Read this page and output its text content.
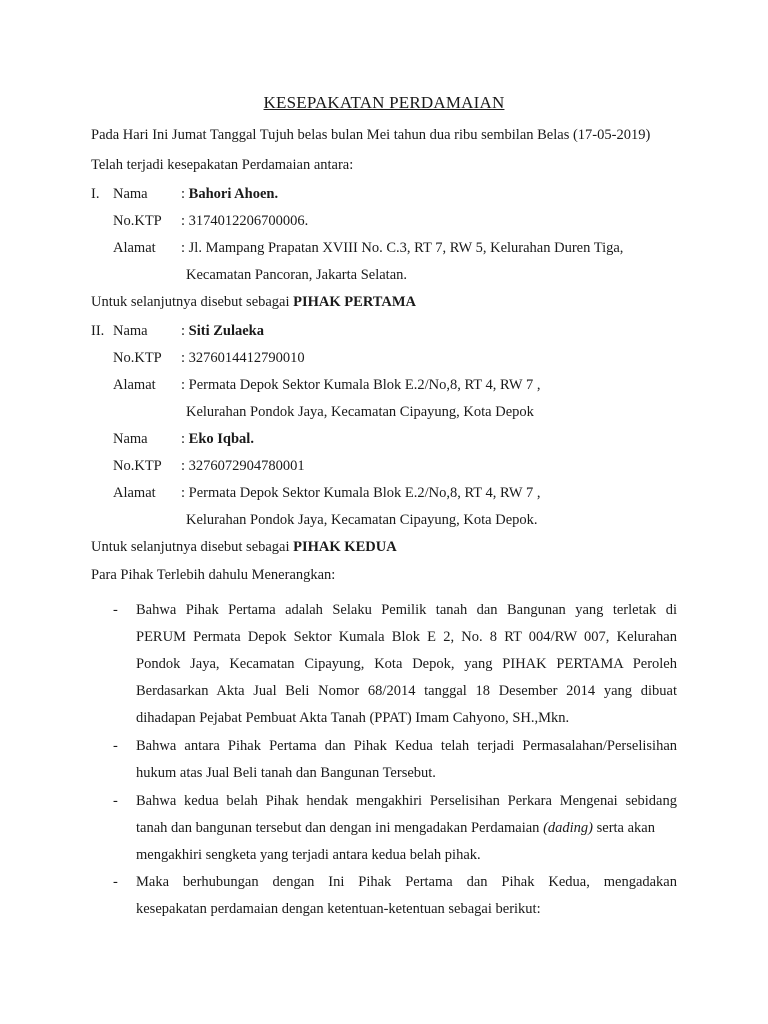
KESEPAKATAN PERDAMAIAN
Pada Hari Ini Jumat Tanggal Tujuh belas bulan Mei tahun dua ribu sembilan Belas (17-05-2019)
Telah terjadi kesepakatan Perdamaian antara:
I. Nama : Bahori Ahoen.
No.KTP : 3174012206700006.
Alamat : Jl. Mampang Prapatan XVIII No. C.3, RT 7, RW 5, Kelurahan Duren Tiga,
Kecamatan Pancoran, Jakarta Selatan.
Untuk selanjutnya disebut sebagai PIHAK PERTAMA
II. Nama : Siti Zulaeka
No.KTP : 3276014412790010
Alamat : Permata Depok Sektor Kumala Blok E.2/No,8, RT 4, RW 7 ,
Kelurahan Pondok Jaya, Kecamatan Cipayung, Kota Depok
Nama : Eko Iqbal.
No.KTP : 3276072904780001
Alamat : Permata Depok Sektor Kumala Blok E.2/No,8, RT 4, RW 7 ,
Kelurahan Pondok Jaya, Kecamatan Cipayung, Kota Depok.
Untuk selanjutnya disebut sebagai PIHAK KEDUA
Para Pihak Terlebih dahulu Menerangkan:
- Bahwa Pihak Pertama adalah Selaku Pemilik tanah dan Bangunan yang terletak di
PERUM Permata Depok Sektor Kumala Blok E 2, No. 8 RT 004/RW 007, Kelurahan
Pondok Jaya, Kecamatan Cipayung, Kota Depok, yang PIHAK PERTAMA Peroleh
Berdasarkan Akta Jual Beli Nomor 68/2014 tanggal 18 Desember 2014 yang dibuat
dihadapan Pejabat Pembuat Akta Tanah (PPAT) Imam Cahyono, SH.,Mkn.
- Bahwa antara Pihak Pertama dan Pihak Kedua telah terjadi Permasalahan/Perselisihan
hukum atas Jual Beli tanah dan Bangunan Tersebut.
- Bahwa kedua belah Pihak hendak mengakhiri Perselisihan Perkara Mengenai sebidang
tanah dan bangunan tersebut dan dengan ini mengadakan Perdamaian (dading) serta akan
mengakhiri sengketa yang terjadi antara kedua belah pihak.
- Maka berhubungan dengan Ini Pihak Pertama dan Pihak Kedua, mengadakan
kesepakatan perdamaian dengan ketentuan-ketentuan sebagai berikut:
